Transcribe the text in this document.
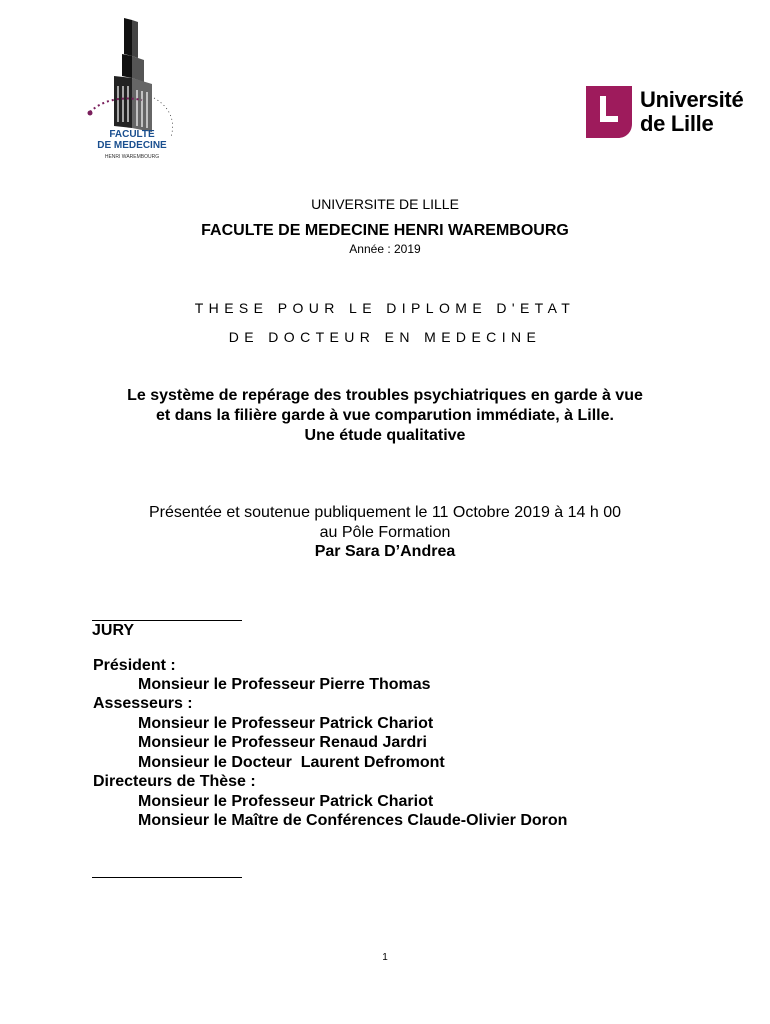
FACULTE
DE MEDECINE
HENRI WAREMBOURG
Université
de Lille
UNIVERSITE DE LILLE
FACULTE DE MEDECINE HENRI WAREMBOURG
Année : 2019
THESE POUR LE DIPLOME D'ETAT
DE DOCTEUR EN MEDECINE
Le système de repérage des troubles psychiatriques en garde à vue
et dans la filière garde à vue comparution immédiate, à Lille.
Une étude qualitative
Présentée et soutenue publiquement le 11 Octobre 2019 à 14 h 00
au Pôle Formation
Par Sara D’Andrea
JURY
Président :
Monsieur le Professeur Pierre Thomas
Assesseurs :
Monsieur le Professeur Patrick Chariot
Monsieur le Professeur Renaud Jardri
Monsieur le Docteur  Laurent Defromont
Directeurs de Thèse :
Monsieur le Professeur Patrick Chariot
Monsieur le Maître de Conférences Claude-Olivier Doron
1
